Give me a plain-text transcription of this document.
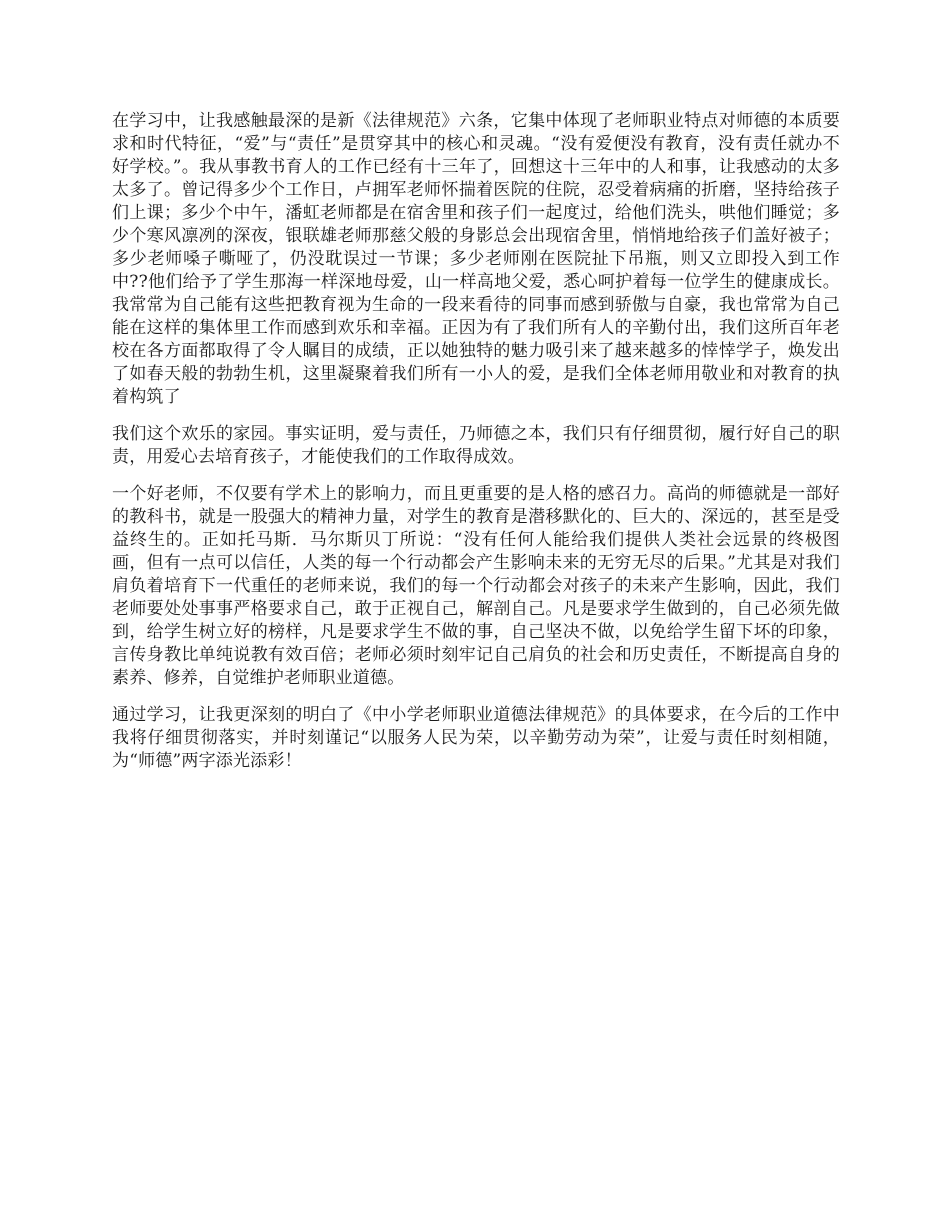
在学习中，让我感触最深的是新《法律规范》六条，它集中体现了老师职业特点对师德的本质要求和时代特征，“爱”与“责任”是贯穿其中的核心和灵魂。“没有爱便没有教育，没有责任就办不好学校。”。我从事教书育人的工作已经有十三年了，回想这十三年中的人和事，让我感动的太多太多了。曾记得多少个工作日，卢拥军老师怀揣着医院的住院，忍受着病痛的折磨，坚持给孩子们上课；多少个中午，潘虹老师都是在宿舍里和孩子们一起度过，给他们洗头，哄他们睡觉；多少个寒风凛冽的深夜，银联雄老师那慈父般的身影总会出现宿舍里，悄悄地给孩子们盖好被子；多少老师嗓子嘶哑了，仍没耽误过一节课；多少老师刚在医院扯下吊瓶，则又立即投入到工作中??他们给予了学生那海一样深地母爱，山一样高地父爱，悉心呵护着每一位学生的健康成长。我常常为自己能有这些把教育视为生命的一段来看待的同事而感到骄傲与自豪，我也常常为自己能在这样的集体里工作而感到欢乐和幸福。正因为有了我们所有人的辛勤付出，我们这所百年老校在各方面都取得了令人瞩目的成绩，正以她独特的魅力吸引来了越来越多的悻悻学子，焕发出了如春天般的勃勃生机，这里凝聚着我们所有一小人的爱，是我们全体老师用敬业和对教育的执着构筑了

我们这个欢乐的家园。事实证明，爱与责任，乃师德之本，我们只有仔细贯彻，履行好自己的职责，用爱心去培育孩子，才能使我们的工作取得成效。

一个好老师，不仅要有学术上的影响力，而且更重要的是人格的感召力。高尚的师德就是一部好的教科书，就是一股强大的精神力量，对学生的教育是潜移默化的、巨大的、深远的，甚至是受益终生的。正如托马斯．马尔斯贝丁所说：“没有任何人能给我们提供人类社会远景的终极图画，但有一点可以信任，人类的每一个行动都会产生影响未来的无穷无尽的后果。”尤其是对我们肩负着培育下一代重任的老师来说，我们的每一个行动都会对孩子的未来产生影响，因此，我们老师要处处事事严格要求自己，敢于正视自己，解剖自己。凡是要求学生做到的，自己必须先做到，给学生树立好的榜样，凡是要求学生不做的事，自己坚决不做，以免给学生留下坏的印象，言传身教比单纯说教有效百倍；老师必须时刻牢记自己肩负的社会和历史责任，不断提高自身的素养、修养，自觉维护老师职业道德。

通过学习，让我更深刻的明白了《中小学老师职业道德法律规范》的具体要求，在今后的工作中我将仔细贯彻落实，并时刻谨记“以服务人民为荣，以辛勤劳动为荣”，让爱与责任时刻相随，为“师德”两字添光添彩！
